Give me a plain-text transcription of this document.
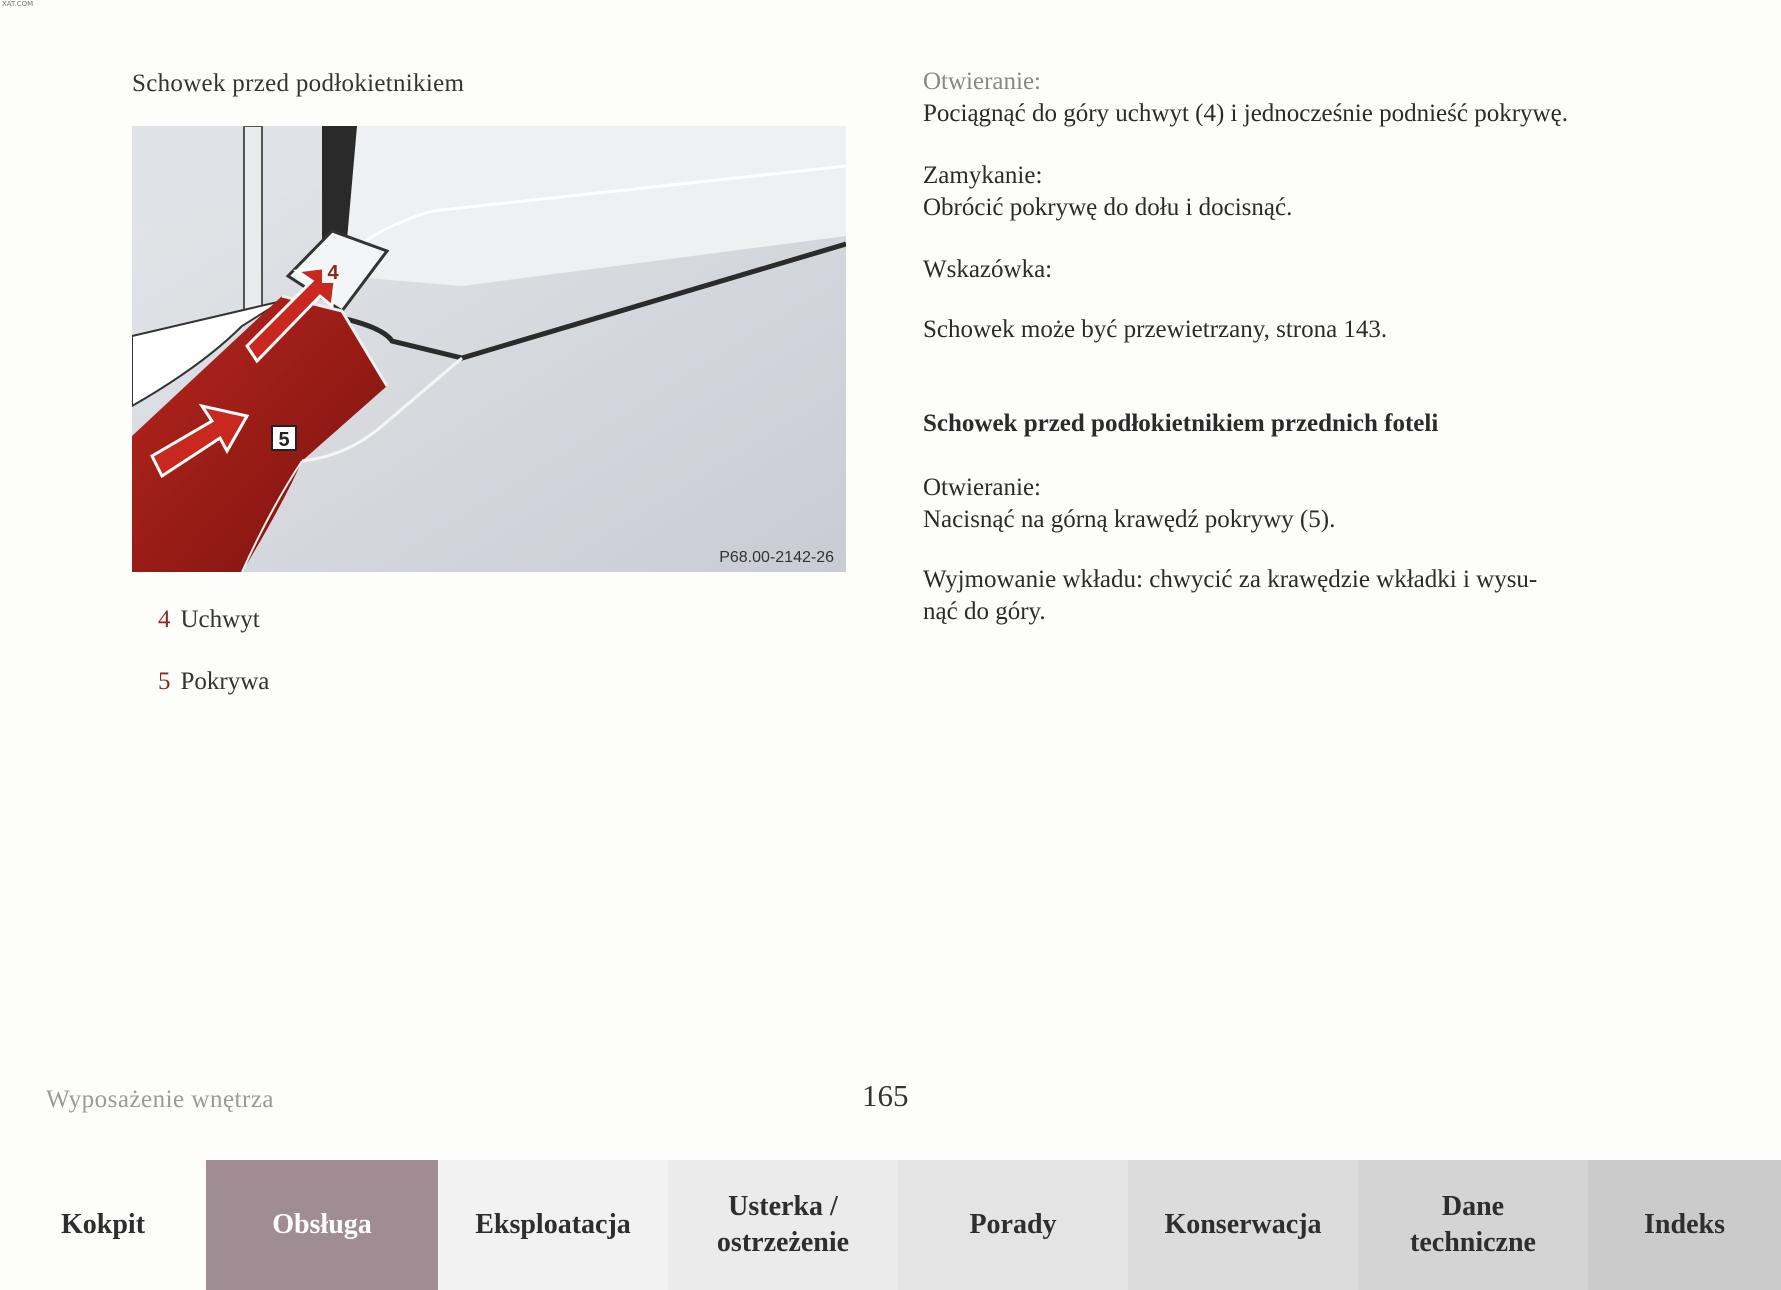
XAT.COM
Schowek przed podłokietnikiem
4
5
P68.00-2142-26
4 Uchwyt
5 Pokrywa

Otwieranie:

Pociągnąć do góry uchwyt (4) i jednocześnie podnieść pokrywę.

Zamykanie:

Obrócić pokrywę do dołu i docisnąć.

Wskazówka:

Schowek może być przewietrzany, strona 143.

Schowek przed podłokietnikiem przednich foteli

Otwieranie:

Nacisnąć na górną krawędź pokrywy (5).

Wyjmowanie wkładu: chwycić za krawędzie wkładki i wysu-

nąć do góry.

Wyposażenie wnętrza	165
Kokpit	Obsługa	Eksploatacja
Usterka /
ostrzeżenie
Porady	Konserwacja
Dane
techniczne
Indeks
